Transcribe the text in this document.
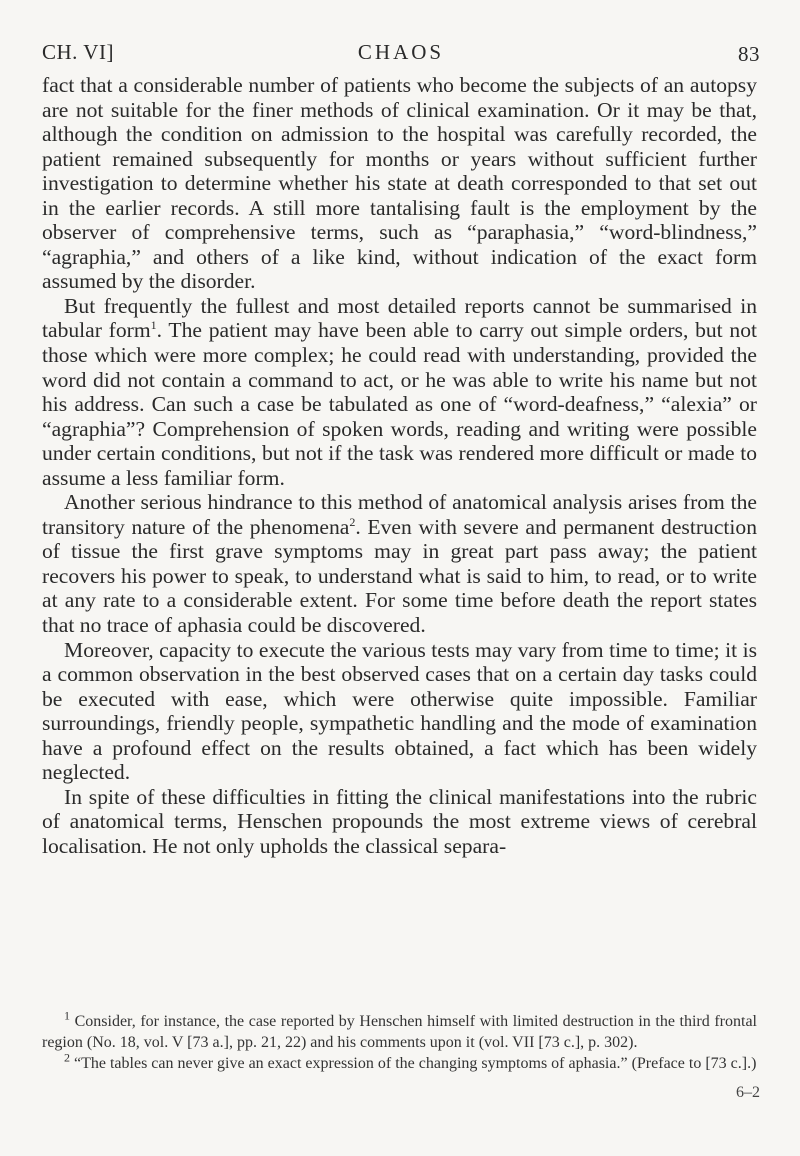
CH. VI]	CHAOS	83

fact that a considerable number of patients who become the subjects of an autopsy are not suitable for the finer methods of clinical examination. Or it may be that, although the condition on admission to the hospital was carefully recorded, the patient remained subsequently for months or years without sufficient further investigation to determine whether his state at death corresponded to that set out in the earlier records. A still more tantalising fault is the employment by the observer of comprehensive terms, such as “paraphasia,” “word-blindness,” “agraphia,” and others of a like kind, without indication of the exact form assumed by the disorder.

But frequently the fullest and most detailed reports cannot be summarised in tabular form$^1$. The patient may have been able to carry out simple orders, but not those which were more complex; he could read with understanding, provided the word did not contain a command to act, or he was able to write his name but not his address. Can such a case be tabulated as one of “word-deafness,” “alexia” or “agraphia”? Comprehension of spoken words, reading and writing were possible under certain conditions, but not if the task was rendered more difficult or made to assume a less familiar form.

Another serious hindrance to this method of anatomical analysis arises from the transitory nature of the phenomena$^2$. Even with severe and permanent destruction of tissue the first grave symptoms may in great part pass away; the patient recovers his power to speak, to understand what is said to him, to read, or to write at any rate to a considerable extent. For some time before death the report states that no trace of aphasia could be discovered.

Moreover, capacity to execute the various tests may vary from time to time; it is a common observation in the best observed cases that on a certain day tasks could be executed with ease, which were otherwise quite impossible. Familiar surroundings, friendly people, sympathetic handling and the mode of examination have a profound effect on the results obtained, a fact which has been widely neglected.

In spite of these difficulties in fitting the clinical manifestations into the rubric of anatomical terms, Henschen propounds the most extreme views of cerebral localisation. He not only upholds the classical separa-

$^1$ Consider, for instance, the case reported by Henschen himself with limited destruction in the third frontal region (No. 18, vol. V [73 a.], pp. 21, 22) and his comments upon it (vol. VII [73 c.], p. 302).

$^2$ “The tables can never give an exact expression of the changing symptoms of aphasia.” (Preface to [73 c.].)

6–2
